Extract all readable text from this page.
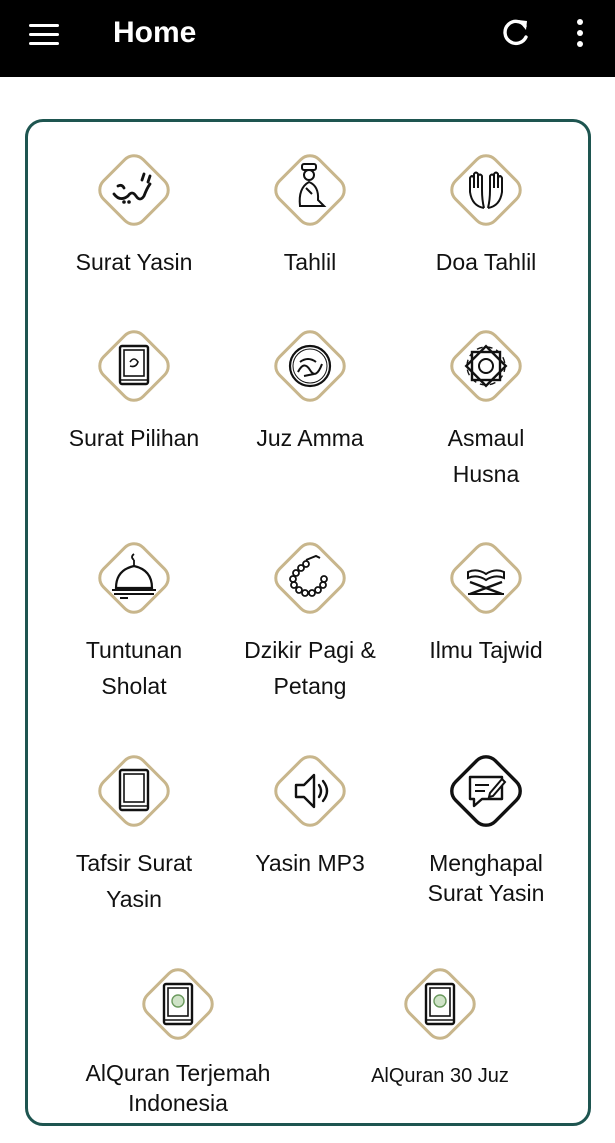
Home
Surat Yasin	Tahlil	Doa Tahlil
Surat Pilihan	Juz Amma	Asmaul
Husna
Tuntunan
Sholat
Dzikir Pagi &
Petang
Ilmu Tajwid
Tafsir Surat
Yasin
Yasin MP3	Menghapal
Surat Yasin
AlQuran Terjemah
Indonesia
AlQuran 30 Juz
